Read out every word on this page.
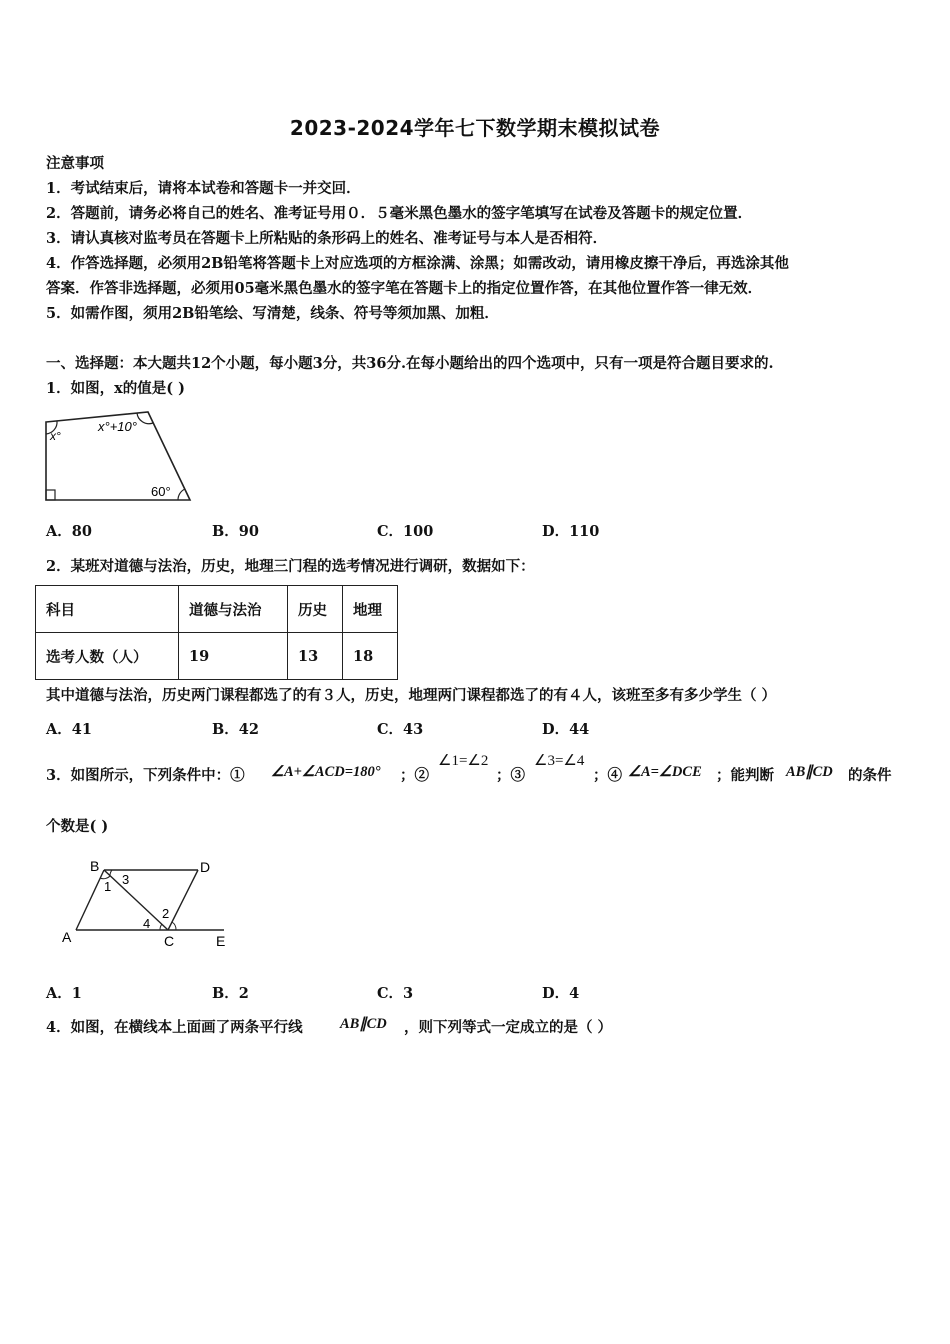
2023-2024学年七下数学期末模拟试卷
注意事项
1．考试结束后，请将本试卷和答题卡一并交回．
2．答题前，请务必将自己的姓名、准考证号用０．５毫米黑色墨水的签字笔填写在试卷及答题卡的规定位置．
3．请认真核对监考员在答题卡上所粘贴的条形码上的姓名、准考证号与本人是否相符．
4．作答选择题，必须用2B铅笔将答题卡上对应选项的方框涂满、涂黑；如需改动，请用橡皮擦干净后，再选涂其他
答案．作答非选择题，必须用05毫米黑色墨水的签字笔在答题卡上的指定位置作答，在其他位置作答一律无效．
5．如需作图，须用2B铅笔绘、写清楚，线条、符号等须加黑、加粗．
一、选择题：本大题共12个小题，每小题3分，共36分.在每小题给出的四个选项中，只有一项是符合题目要求的.
1．如图，x的值是( )
x°
x°+10°
60°
A．80	B．90	C．100	D．110
2．某班对道德与法治，历史，地理三门程的选考情况进行调研，数据如下：
科目	道德与法治	历史	地理
选考人数（人）	19	13	18
其中道德与法治，历史两门课程都选了的有３人，历史，地理两门课程都选了的有４人，该班至多有多少学生（ ）
A．41	B．42	C．43	D．44
3．如图所示，下列条件中：① ∠A+∠ACD=180° ；②
∠1=∠2
；③
∠3=∠4
；④ ∠A=∠DCE ；能判断 AB∥CD 的条件
个数是( )
B	D
A	C	E
1 3
4
2
A．1	B．2	C．3	D．4
4．如图，在横线本上面画了两条平行线	AB∥CD ，则下列等式一定成立的是（ ）
